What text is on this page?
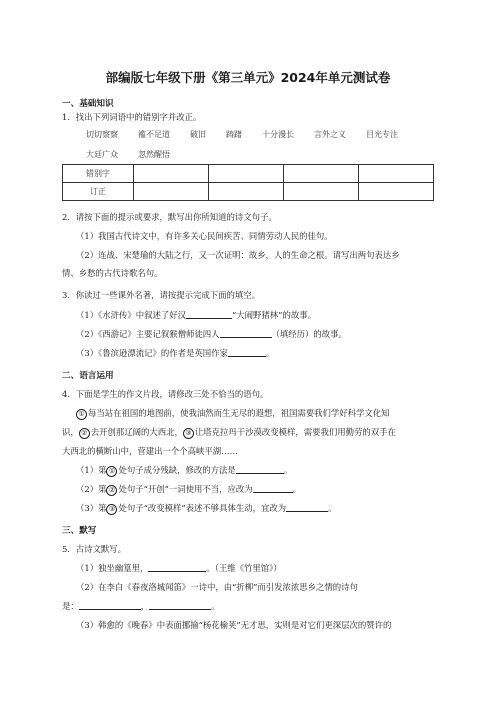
部编版七年级下册《第三单元》2024年单元测试卷
一、基础知识
1．找出下列词语中的错别字并改正。
切切察察	褴不足道	破旧	踌躇	十分漫长	言外之义	目光专注大廷广众	忽然醒悟
错别字				
订正				
2．请按下面的提示或要求，默写出你所知道的诗文句子。
（1）我国古代诗文中，有许多关心民间疾苦、同情劳动人民的佳句。
（2）连战、宋楚瑜的大陆之行，又一次证明：故乡，人的生命之根。请写出两句表达乡
情、乡愁的古代诗歌名句。
3．你读过一些课外名著，请按提示完成下面的填空。
（1）《水浒传》中叙述了好汉	“大闹野猪林”的故事。
（2）《西游记》主要记叙猴僧师徒四人	（填经历）的故事。
（3）《鲁滨逊漂流记》的作者是英国作家	。
二、语言运用
4．下面是学生的作文片段，请修改三处不恰当的语句。
① 每当站在祖国的地图前，使我油然而生无尽的遐想，祖国需要我们学好科学文化知
识， ② 去开创那辽阔的大西北， ③ 让塔克拉玛干沙漠改变模样，需要我们用勤劳的双手在
大西北的横断山中，营建出一个个高峡平湖……
（1）第 ① 处句子成分残缺，修改的方法是	。
（2）第 ② 处句子“开创”一词使用不当，应改为	。
（3）第 ③ 处句子“改变模样”表述不够具体生动，宜改为	。
三、默写
5．古诗文默写。
（1）独坐幽篁里，	。（王维《竹里馆》）
（2）在李白《春夜洛城闻笛》一诗中，由“折柳”而引发浓浓思乡之情的诗句
是：	，	。
（3）韩愈的《晚春》中表面挪揄“杨花榆荚”无才思，实则是对它们更深层次的赞许的
